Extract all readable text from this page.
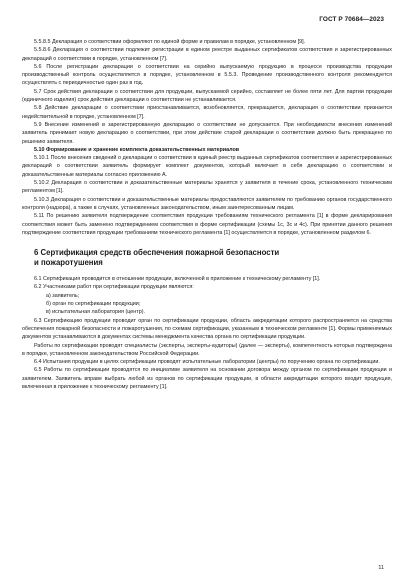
ГОСТ Р 70684—2023

5.5.8.5 Декларация о соответствии оформляют по единой форме и правилам в порядке, установленном [9].

5.5.8.6 Декларация о соответствии подлежит регистрации в едином реестре выданных сертификатов соответствия и зарегистрированных деклараций о соответствии в порядке, установленном [7].

5.6 После регистрации декларации о соответствии на серийно выпускаемую продукцию в процессе производства продукции производственный контроль осуществляется в порядке, установленном в 5.5.3. Проведение производственного контроля рекомендуется осуществлять с периодичностью один раз в год.

5.7 Срок действия декларации о соответствии для продукции, выпускаемой серийно, составляет не более пяти лет. Для партии продукции (единичного изделия) срок действия декларации о соответствии не устанавливается.

5.8 Действие декларации о соответствии приостанавливается, возобновляется, прекращается, декларация о соответствии признается недействительной в порядке, установленном [7].

5.9 Внесение изменений в зарегистрированную декларацию о соответствии не допускается. При необходимости внесения изменений заявитель принимает новую декларацию о соответствии, при этом действие старой декларации о соответствии должно быть прекращено по решению заявителя.

5.10 Формирование и хранение комплекта доказательственных материалов

5.10.1 После внесения сведений о декларации о соответствии в единый реестр выданных сертификатов соответствия и зарегистрированных деклараций о соответствии заявитель формирует комплект документов, который включает в себя декларацию о соответствии и доказательственные материалы согласно приложению А.

5.10.2 Декларация о соответствии и доказательственные материалы хранятся у заявителя в течение срока, установленного техническим регламентом [1].

5.10.3 Декларация о соответствии и доказательственные материалы предоставляются заявителем по требованию органов государственного контроля (надзора), а также в случаях, установленных законодательством, иным заинтересованным лицам.

5.11 По решению заявителя подтверждение соответствия продукции требованиям технического регламента [1] в форме декларирования соответствия может быть заменено подтверждением соответствия в форме сертификации (схемы 1с, 3с и 4с). При принятии данного решения подтверждение соответствия продукции требованиям технического регламента [1] осуществляется в порядке, установленном разделом 6.

6 Сертификация средств обеспечения пожарной безопасности
и пожаротушения

6.1 Сертификация проводится в отношении продукции, включенной в приложение к техническому регламенту [1].

6.2 Участниками работ при сертификации продукции являются:

а) заявитель;

б) орган по сертификации продукции;

в) испытательная лаборатория (центр).

6.3 Сертификацию продукции проводит орган по сертификации продукции, область аккредитации которого распространяется на средства обеспечения пожарной безопасности и пожаротушения, по схемам сертификации, указанным в техническом регламенте [1]. Формы применяемых документов устанавливаются в документах системы менеджмента качества органа по сертификации продукции.

Работы по сертификации проводят специалисты (эксперты, эксперты-аудиторы) (далее — эксперты), компетентность которых подтверждена в порядке, установленном законодательством Российской Федерации.

6.4 Испытания продукции в целях сертификации проводят испытательные лаборатории (центры) по поручению органа по сертификации.

6.5 Работы по сертификации проводятся по инициативе заявителя на основании договора между органом по сертификации продукции и заявителем. Заявитель вправе выбрать любой из органов по сертификации продукции, в области аккредитации которого входит продукция, включенная в приложение к техническому регламенту [1].

11
